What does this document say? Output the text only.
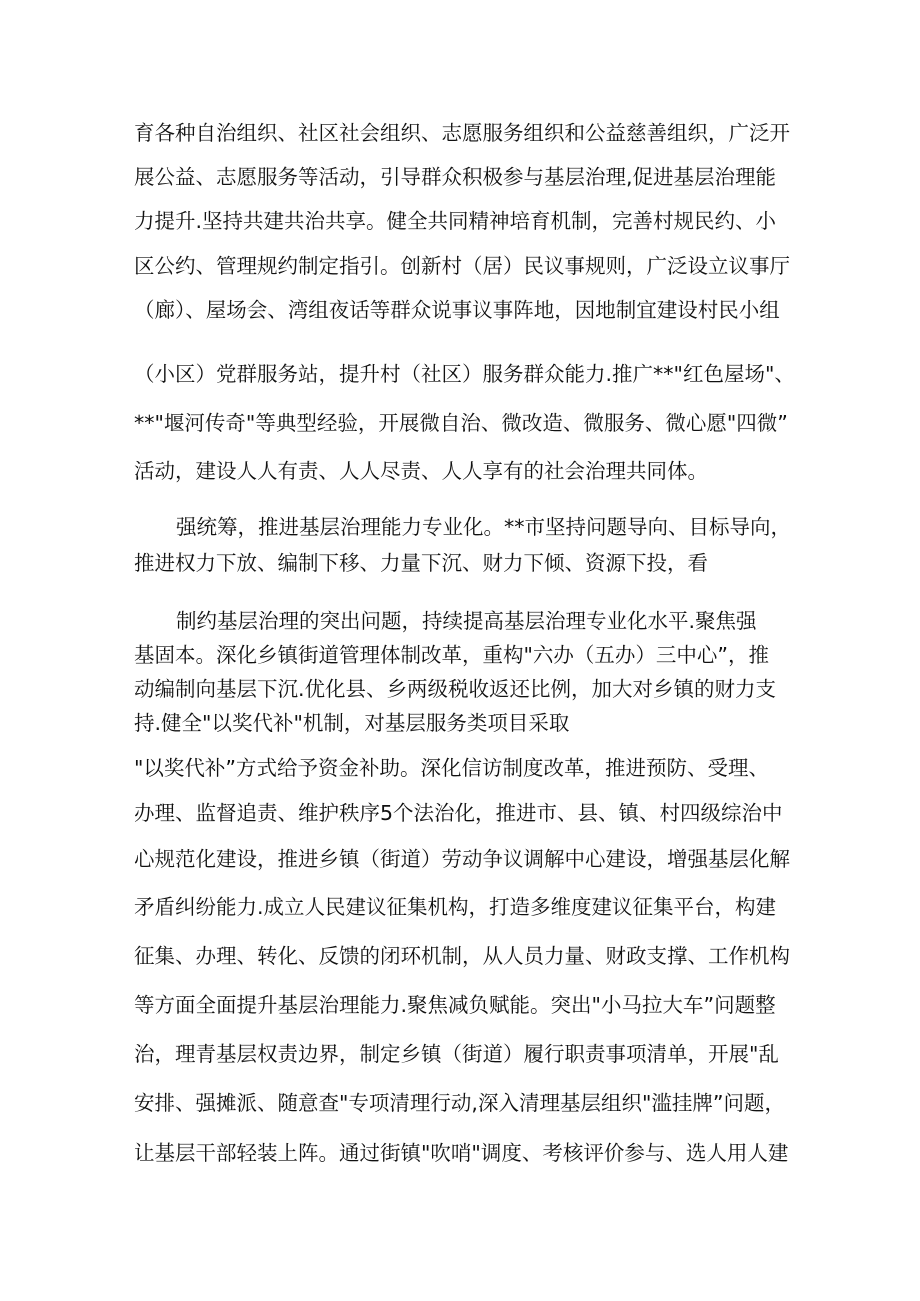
育各种自治组织、社区社会组织、志愿服务组织和公益慈善组织，广泛开
展公益、志愿服务等活动，引导群众积极参与基层治理,促进基层治理能
力提升.坚持共建共治共享。健全共同精神培育机制，完善村规民约、小
区公约、管理规约制定指引。创新村（居）民议事规则，广泛设立议事厅
（廊）、屋场会、湾组夜话等群众说事议事阵地，因地制宜建设村民小组
（小区）党群服务站，提升村（社区）服务群众能力.推广**"红色屋场"、
**"堰河传奇"等典型经验，开展微自治、微改造、微服务、微心愿"四微”
活动，建设人人有责、人人尽责、人人享有的社会治理共同体。
强统筹，推进基层治理能力专业化。**市坚持问题导向、目标导向，
推进权力下放、编制下移、力量下沉、财力下倾、资源下投，看
制约基层治理的突出问题，持续提高基层治理专业化水平.聚焦强
基固本。深化乡镇街道管理体制改革，重构"六办（五办）三中心”，推
动编制向基层下沉.优化县、乡两级税收返还比例，加大对乡镇的财力支
持.健全"以奖代补"机制，对基层服务类项目采取
"以奖代补”方式给予资金补助。深化信访制度改革，推进预防、受理、
办理、监督追责、维护秩序5个法治化，推进市、县、镇、村四级综治中
心规范化建设，推进乡镇（街道）劳动争议调解中心建设，增强基层化解
矛盾纠纷能力.成立人民建议征集机构，打造多维度建议征集平台，构建
征集、办理、转化、反馈的闭环机制，从人员力量、财政支撑、工作机构
等方面全面提升基层治理能力.聚焦减负赋能。突出"小马拉大车”问题整
治，理青基层权责边界，制定乡镇（街道）履行职责事项清单，开展"乱
安排、强摊派、随意查"专项清理行动,深入清理基层组织"滥挂牌”问题，
让基层干部轻装上阵。通过街镇"吹哨"调度、考核评价参与、选人用人建
